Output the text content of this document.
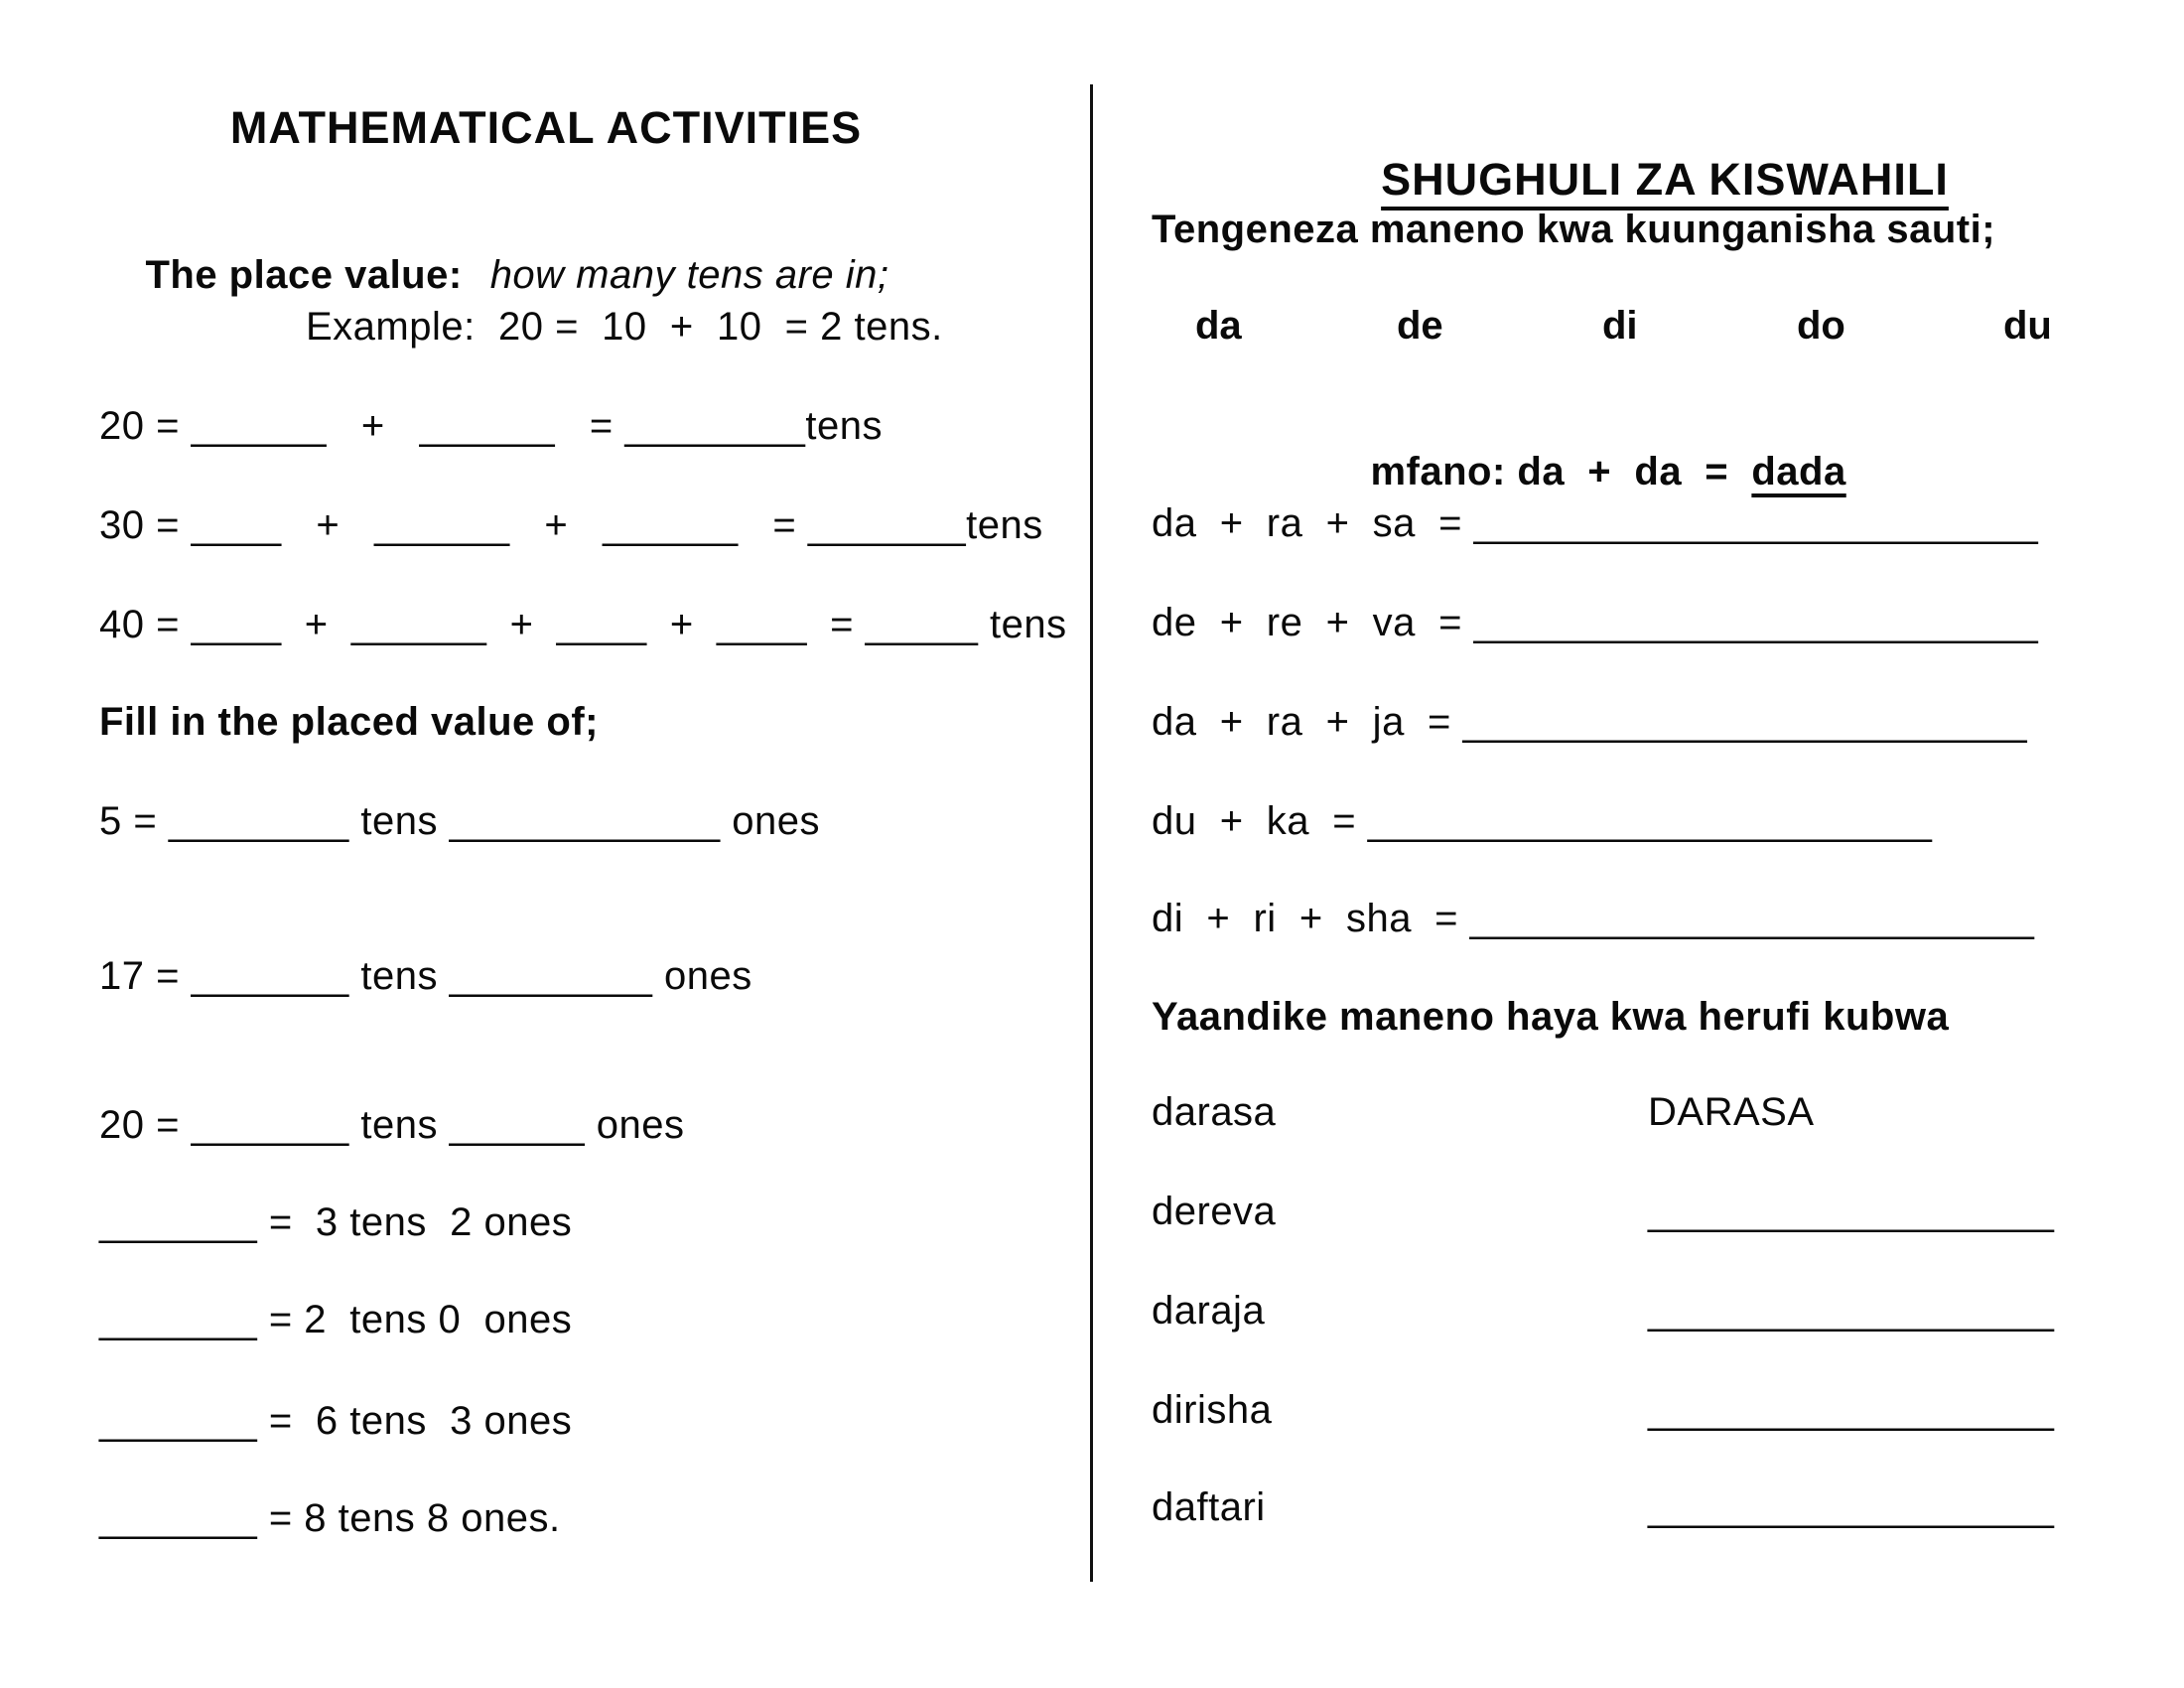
MATHEMATICAL ACTIVITIES

The place value: how many tens are in;

Example:  20 =  10  +  10  = 2 tens.
20 = ______   +   ______   = ________tens
30 = ____   +   ______   +   ______   = _______tens
40 = ____  +  ______  +  ____  +  ____  = _____ tens
Fill in the placed value of;
5 = ________ tens ____________ ones
17 = _______ tens _________ ones
20 = _______ tens ______ ones
_______ =  3 tens  2 ones
_______ = 2  tens 0  ones
_______ =  6 tens  3 ones
_______ = 8 tens 8 ones.

SHUGHULI ZA KISWAHILI

Tengeneza maneno kwa kuunganisha sauti;
da	de	di	do	du

mfano: da  +  da  =  dada

da  +  ra  +  sa  = _________________________
de  +  re  +  va  = _________________________
da  +  ra  +  ja  = _________________________
du  +  ka  = _________________________
di  +  ri  +  sha  = _________________________
Yaandike maneno haya kwa herufi kubwa
darasa	DARASA
dereva	__________________
daraja	__________________
dirisha	__________________
daftari	__________________
